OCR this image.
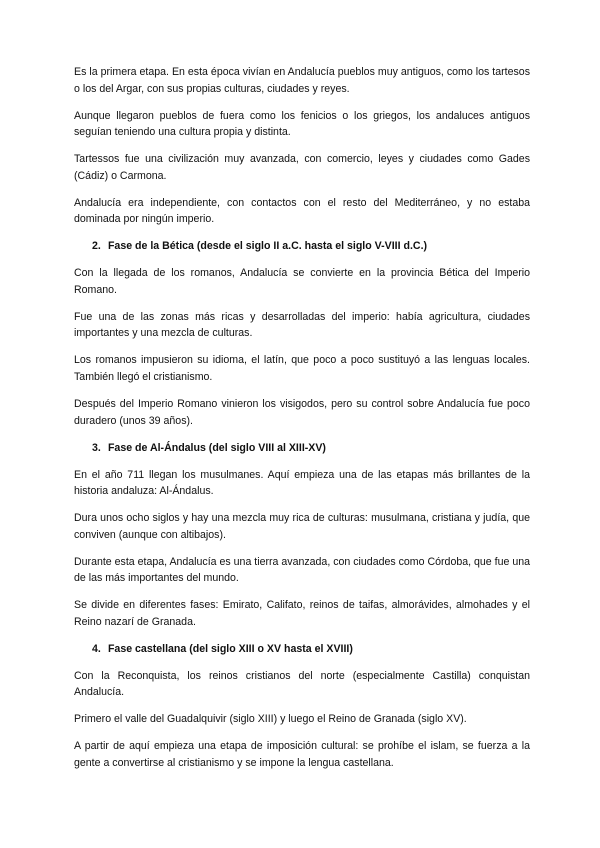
Es la primera etapa. En esta época vivían en Andalucía pueblos muy antiguos, como los tartesos o los del Argar, con sus propias culturas, ciudades y reyes.

Aunque llegaron pueblos de fuera como los fenicios o los griegos, los andaluces antiguos seguían teniendo una cultura propia y distinta.

Tartessos fue una civilización muy avanzada, con comercio, leyes y ciudades como Gades (Cádiz) o Carmona.

Andalucía era independiente, con contactos con el resto del Mediterráneo, y no estaba dominada por ningún imperio.

2. Fase de la Bética (desde el siglo II a.C. hasta el siglo V-VIII d.C.)

Con la llegada de los romanos, Andalucía se convierte en la provincia Bética del Imperio Romano.

Fue una de las zonas más ricas y desarrolladas del imperio: había agricultura, ciudades importantes y una mezcla de culturas.

Los romanos impusieron su idioma, el latín, que poco a poco sustituyó a las lenguas locales. También llegó el cristianismo.

Después del Imperio Romano vinieron los visigodos, pero su control sobre Andalucía fue poco duradero (unos 39 años).

3. Fase de Al-Ándalus (del siglo VIII al XIII-XV)

En el año 711 llegan los musulmanes. Aquí empieza una de las etapas más brillantes de la historia andaluza: Al-Ándalus.

Dura unos ocho siglos y hay una mezcla muy rica de culturas: musulmana, cristiana y judía, que conviven (aunque con altibajos).

Durante esta etapa, Andalucía es una tierra avanzada, con ciudades como Córdoba, que fue una de las más importantes del mundo.

Se divide en diferentes fases: Emirato, Califato, reinos de taifas, almorávides, almohades y el Reino nazarí de Granada.

4. Fase castellana (del siglo XIII o XV hasta el XVIII)

Con la Reconquista, los reinos cristianos del norte (especialmente Castilla) conquistan Andalucía.

Primero el valle del Guadalquivir (siglo XIII) y luego el Reino de Granada (siglo XV).

A partir de aquí empieza una etapa de imposición cultural: se prohíbe el islam, se fuerza a la gente a convertirse al cristianismo y se impone la lengua castellana.
